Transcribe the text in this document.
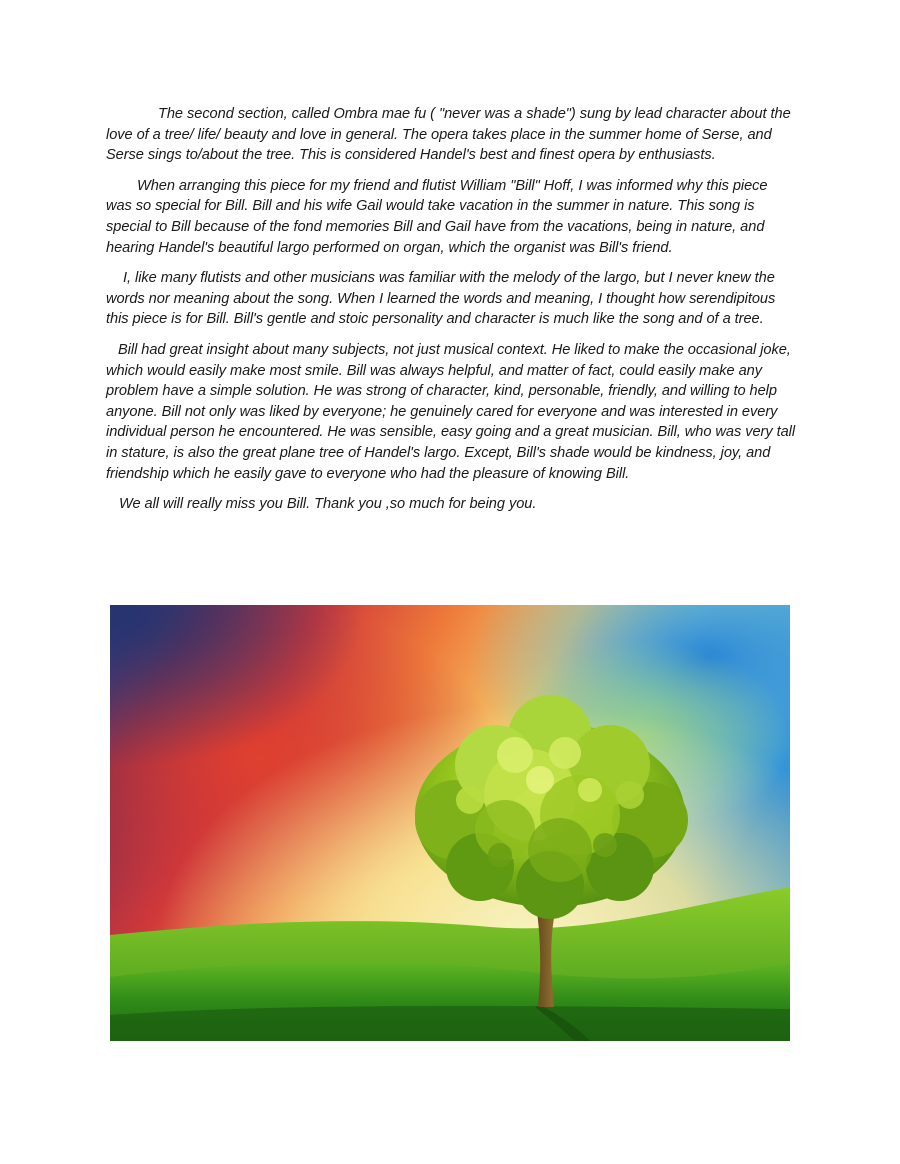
The second section, called Ombra mae fu ( "never was a shade") sung by lead character about the love of a tree/ life/ beauty and love in general. The opera takes place in the summer home of Serse, and Serse sings to/about the tree. This is considered Handel's best and finest opera by enthusiasts.

When arranging this piece for my friend and flutist William "Bill" Hoff, I was informed why this piece was so special for Bill. Bill and his wife Gail would take vacation in the summer in nature. This song is special to Bill because of the fond memories Bill and Gail have from the vacations, being in nature, and hearing Handel's beautiful largo performed on organ, which the organist was Bill's friend.

I, like many flutists and other musicians was familiar with the melody of the largo, but I never knew the words nor meaning about the song. When I learned the words and meaning, I thought how serendipitous this piece is for Bill. Bill's gentle and stoic personality and character is much like the song and of a tree.

Bill had great insight about many subjects, not just musical context. He liked to make the occasional joke, which would easily make most smile. Bill was always helpful, and matter of fact, could easily make any problem have a simple solution. He was strong of character, kind, personable, friendly, and willing to help anyone. Bill not only was liked by everyone; he genuinely cared for everyone and was interested in every individual person he encountered. He was sensible, easy going and a great musician. Bill, who was very tall in stature, is also the great plane tree of Handel's largo. Except, Bill's shade would be kindness, joy, and friendship which he easily gave to everyone who had the pleasure of knowing Bill.

We all will really miss you Bill. Thank you ,so much for being you.
